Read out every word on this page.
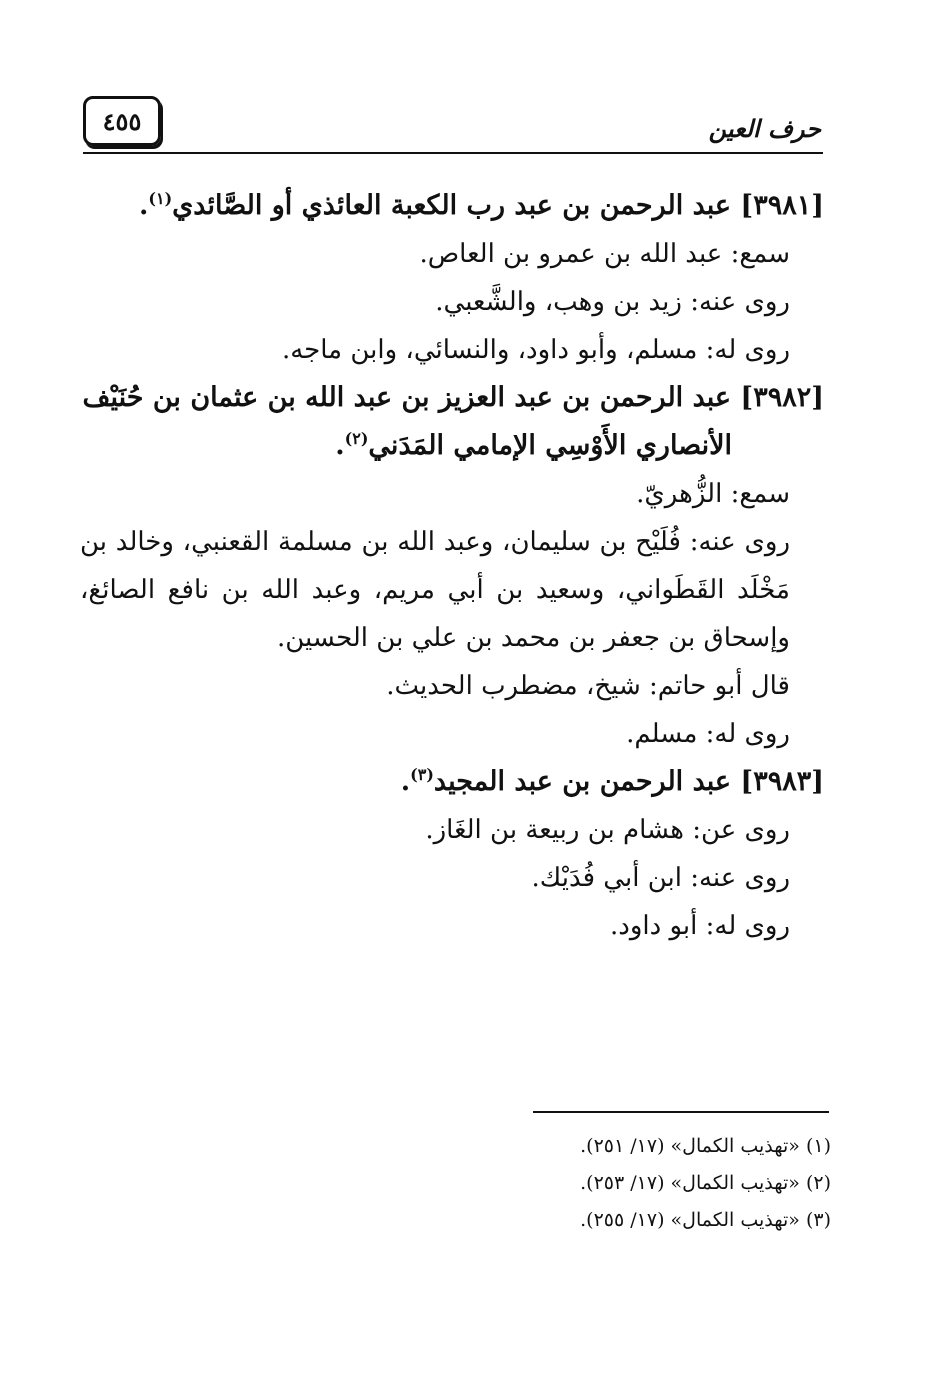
٤٥٥	حرف العين

[٣٩٨١] عبد الرحمن بن عبد رب الكعبة العائذي أو الصَّائدي$^{(١)}$.

سمع: عبد الله بن عمرو بن العاص.

روى عنه: زيد بن وهب، والشَّعبي.

روى له: مسلم، وأبو داود، والنسائي، وابن ماجه.

[٣٩٨٢] عبد الرحمن بن عبد العزيز بن عبد الله بن عثمان بن حُنَيْف
الأنصاري الأَوْسِي الإمامي المَدَني$^{(٢)}$.

سمع: الزُّهريّ.

روى عنه: فُلَيْح بن سليمان، وعبد الله بن مسلمة القعنبي، وخالد بن مَخْلَد القَطَواني، وسعيد بن أبي مريم، وعبد الله بن نافع الصائغ، وإسحاق بن جعفر بن محمد بن علي بن الحسين.

قال أبو حاتم: شيخ، مضطرب الحديث.

روى له: مسلم.

[٣٩٨٣] عبد الرحمن بن عبد المجيد$^{(٣)}$.

روى عن: هشام بن ربيعة بن الغَاز.

روى عنه: ابن أبي فُدَيْك.

روى له: أبو داود.

(١) «تهذيب الكمال» (١٧/ ٢٥١).

(٢) «تهذيب الكمال» (١٧/ ٢٥٣).

(٣) «تهذيب الكمال» (١٧/ ٢٥٥).
